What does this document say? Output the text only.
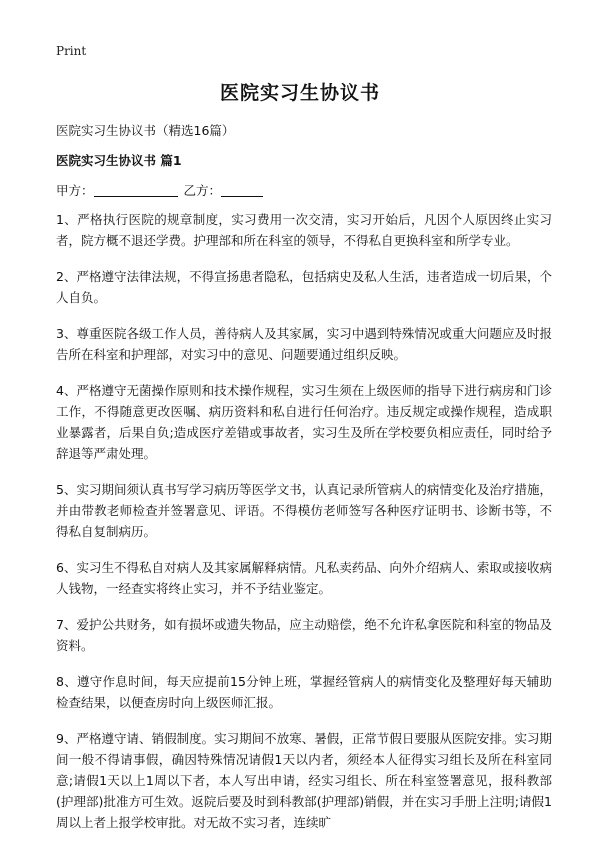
Print
医院实习生协议书

医院实习生协议书（精选16篇）

医院实习生协议书 篇1

甲方：	乙方：

1、严格执行医院的规章制度，实习费用一次交清，实习开始后，凡因个人原因终止实习者，院方概不退还学费。护理部和所在科室的领导，不得私自更换科室和所学专业。

2、严格遵守法律法规，不得宣扬患者隐私，包括病史及私人生活，违者造成一切后果，个人自负。

3、尊重医院各级工作人员，善待病人及其家属，实习中遇到特殊情况或重大问题应及时报告所在科室和护理部，对实习中的意见、问题要通过组织反映。

4、严格遵守无菌操作原则和技术操作规程，实习生须在上级医师的指导下进行病房和门诊工作，不得随意更改医嘱、病历资料和私自进行任何治疗。违反规定或操作规程，造成职业暴露者，后果自负;造成医疗差错或事故者，实习生及所在学校要负相应责任，同时给予辞退等严肃处理。

5、实习期间须认真书写学习病历等医学文书，认真记录所管病人的病情变化及治疗措施，并由带教老师检查并签署意见、评语。不得模仿老师签写各种医疗证明书、诊断书等，不得私自复制病历。

6、实习生不得私自对病人及其家属解释病情。凡私卖药品、向外介绍病人、索取或接收病人钱物，一经查实将终止实习，并不予结业鉴定。

7、爱护公共财务，如有损坏或遗失物品，应主动赔偿，绝不允许私拿医院和科室的物品及资料。

8、遵守作息时间，每天应提前15分钟上班，掌握经管病人的病情变化及整理好每天辅助检查结果，以便查房时向上级医师汇报。

9、严格遵守请、销假制度。实习期间不放寒、暑假，正常节假日要服从医院安排。实习期间一般不得请事假，确因特殊情况请假1天以内者，须经本人征得实习组长及所在科室同意;请假1天以上1周以下者，本人写出申请，经实习组长、所在科室签署意见，报科教部(护理部)批准方可生效。返院后要及时到科教部(护理部)销假，并在实习手册上注明;请假1周以上者上报学校审批。对无故不实习者，连续旷
